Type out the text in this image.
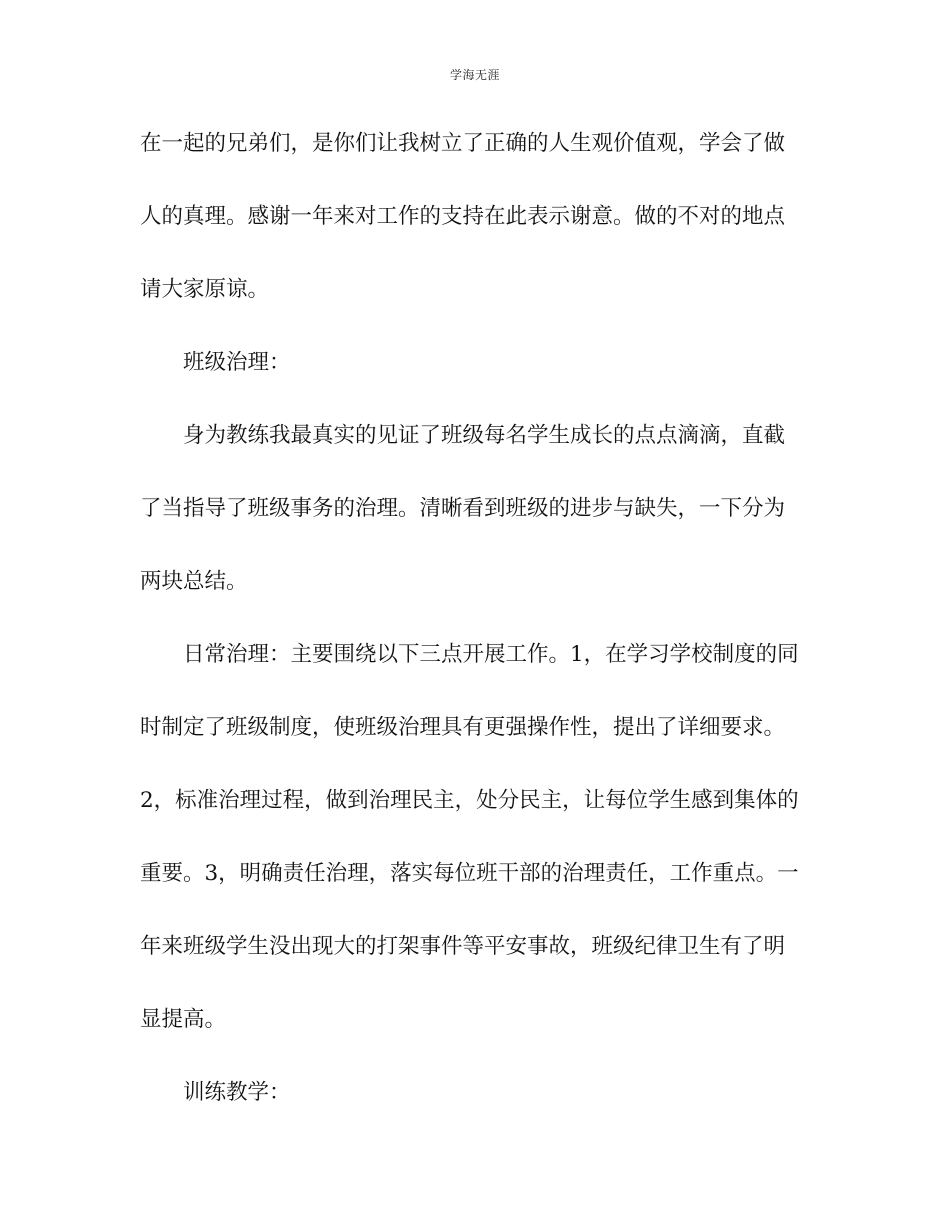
学海无涯
在一起的兄弟们，是你们让我树立了正确的人生观价值观，学会了做
人的真理。感谢一年来对工作的支持在此表示谢意。做的不对的地点
请大家原谅。
班级治理：
身为教练我最真实的见证了班级每名学生成长的点点滴滴，直截
了当指导了班级事务的治理。清晰看到班级的进步与缺失，一下分为
两块总结。
日常治理：主要围绕以下三点开展工作。1，在学习学校制度的同
时制定了班级制度，使班级治理具有更强操作性，提出了详细要求。
2，标准治理过程，做到治理民主，处分民主，让每位学生感到集体的
重要。3，明确责任治理，落实每位班干部的治理责任，工作重点。一
年来班级学生没出现大的打架事件等平安事故，班级纪律卫生有了明
显提高。
训练教学：
